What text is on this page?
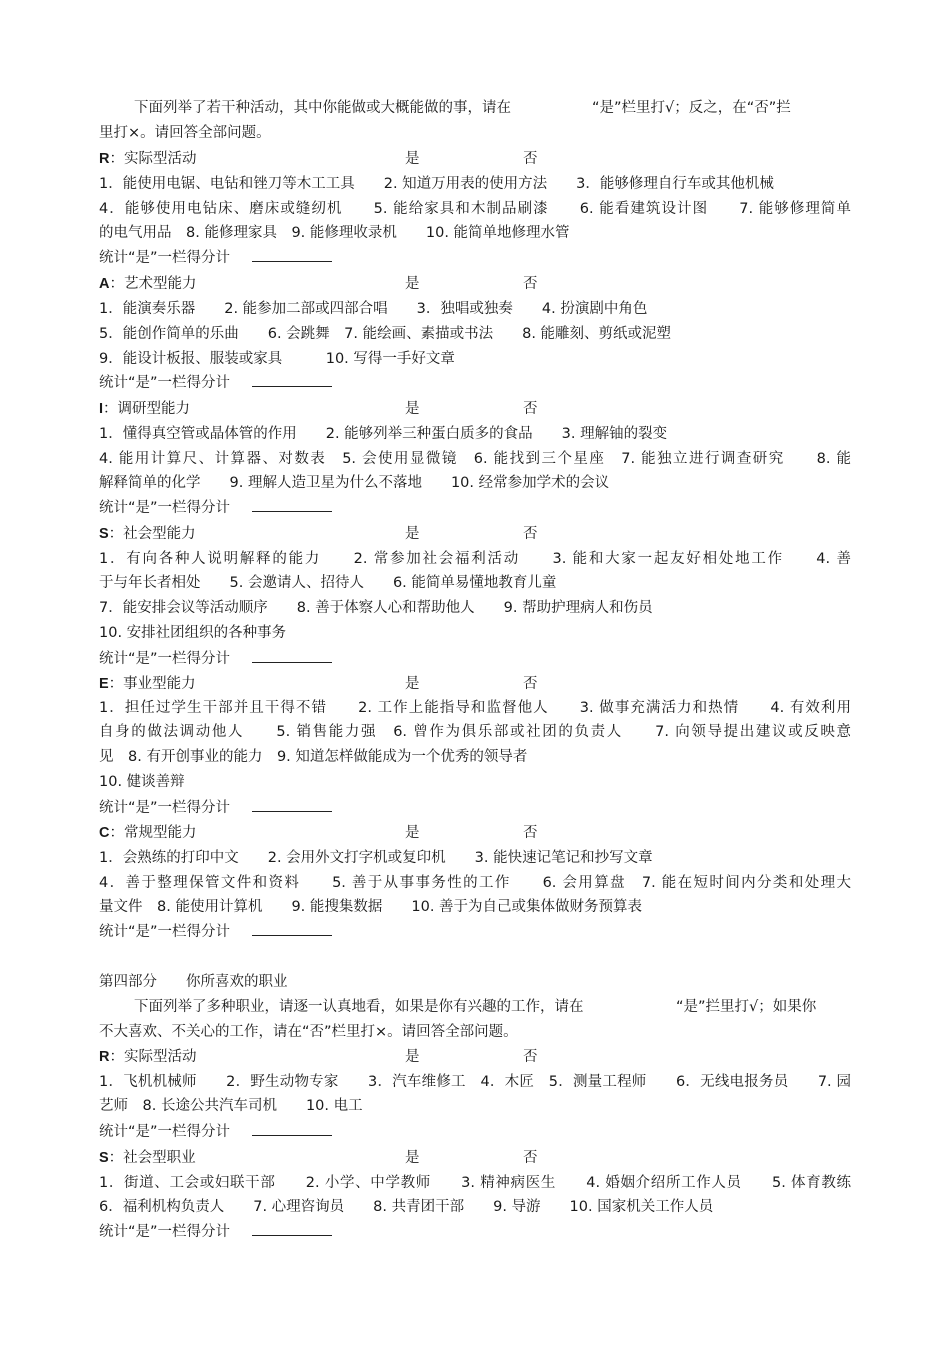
下面列举了若干种活动，其中你能做或大概能做的事，请在	“是”栏里打√；反之，在“否”拦
里打×。请回答全部问题。
R：实际型活动	是	否
1．能使用电锯、电钻和锉刀等木工工具　　2. 知道万用表的使用方法　　3．能够修理自行车或其他机械
4．能够使用电钻床、磨床或缝纫机　　5. 能给家具和木制品刷漆　　6. 能看建筑设计图　　7. 能够修理简单
的电气用品　8. 能修理家具　9. 能修理收录机　　10. 能简单地修理水管
统计“是”一栏得分计
A：艺术型能力	是	否
1．能演奏乐器　　2. 能参加二部或四部合唱　　3．独唱或独奏　　4. 扮演剧中角色
5．能创作简单的乐曲　　6. 会跳舞　7. 能绘画、素描或书法　　8. 能雕刻、剪纸或泥塑
9．能设计板报、服装或家具　　　10. 写得一手好文章
统计“是”一栏得分计
I：调研型能力	是	否
1．懂得真空管或晶体管的作用　　2. 能够列举三种蛋白质多的食品　　3. 理解铀的裂变
4. 能用计算尺、计算器、对数表　5. 会使用显微镜　6. 能找到三个星座　7. 能独立进行调查研究　　8. 能
解释简单的化学　　9. 理解人造卫星为什么不落地　　10. 经常参加学术的会议
统计“是”一栏得分计
S：社会型能力	是	否
1．有向各种人说明解释的能力　　2. 常参加社会福利活动　　3. 能和大家一起友好相处地工作　　4. 善
于与年长者相处　　5. 会邀请人、招待人　　6. 能简单易懂地教育儿童
7．能安排会议等活动顺序　　8. 善于体察人心和帮助他人　　9. 帮助护理病人和伤员
10. 安排社团组织的各种事务
统计“是”一栏得分计
E：事业型能力	是	否
1．担任过学生干部并且干得不错　　2. 工作上能指导和监督他人　　3. 做事充满活力和热情　　4. 有效利用
自身的做法调动他人　　5. 销售能力强　6. 曾作为俱乐部或社团的负责人　　7. 向领导提出建议或反映意
见　8. 有开创事业的能力　9. 知道怎样做能成为一个优秀的领导者
10. 健谈善辩
统计“是”一栏得分计
C：常规型能力	是	否
1．会熟练的打印中文　　2. 会用外文打字机或复印机　　3. 能快速记笔记和抄写文章
4．善于整理保管文件和资料　　5. 善于从事事务性的工作　　6. 会用算盘　7. 能在短时间内分类和处理大
量文件　8. 能使用计算机　　9. 能搜集数据　　10. 善于为自己或集体做财务预算表
统计“是”一栏得分计
第四部分　　你所喜欢的职业
下面列举了多种职业，请逐一认真地看，如果是你有兴趣的工作，请在	“是”拦里打√；如果你
不大喜欢、不关心的工作，请在“否”栏里打×。请回答全部问题。
R：实际型活动	是	否
1．飞机机械师　　2．野生动物专家　　3．汽车维修工　4．木匠　5．测量工程师　　6．无线电报务员　　7. 园
艺师　8. 长途公共汽车司机　　10. 电工
统计“是”一栏得分计
S：社会型职业	是	否
1．街道、工会或妇联干部　　2. 小学、中学教师　　3. 精神病医生　　4. 婚姻介绍所工作人员　　5. 体育教练
6．福利机构负责人　　7. 心理咨询员　　8. 共青团干部　　9. 导游　　10. 国家机关工作人员
统计“是”一栏得分计
